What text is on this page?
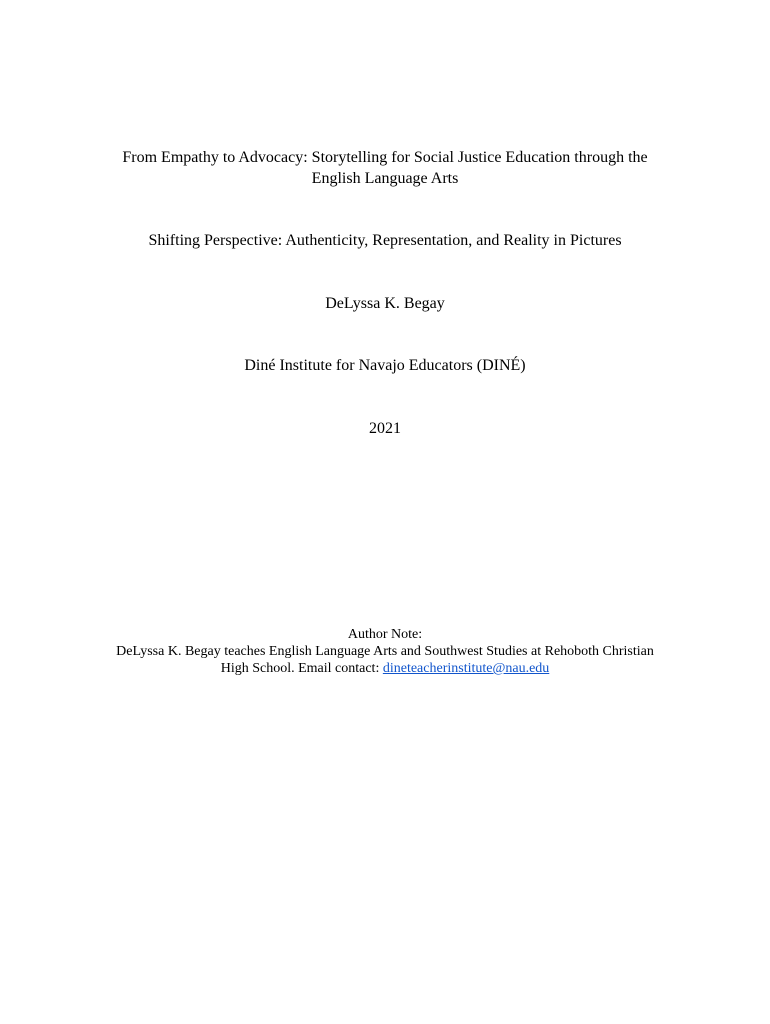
From Empathy to Advocacy: Storytelling for Social Justice Education through the
English Language Arts
Shifting Perspective: Authenticity, Representation, and Reality in Pictures
DeLyssa K. Begay
Diné Institute for Navajo Educators (DINÉ)
2021
Author Note:
DeLyssa K. Begay teaches English Language Arts and Southwest Studies at Rehoboth Christian
High School. Email contact: dineteacherinstitute@nau.edu
